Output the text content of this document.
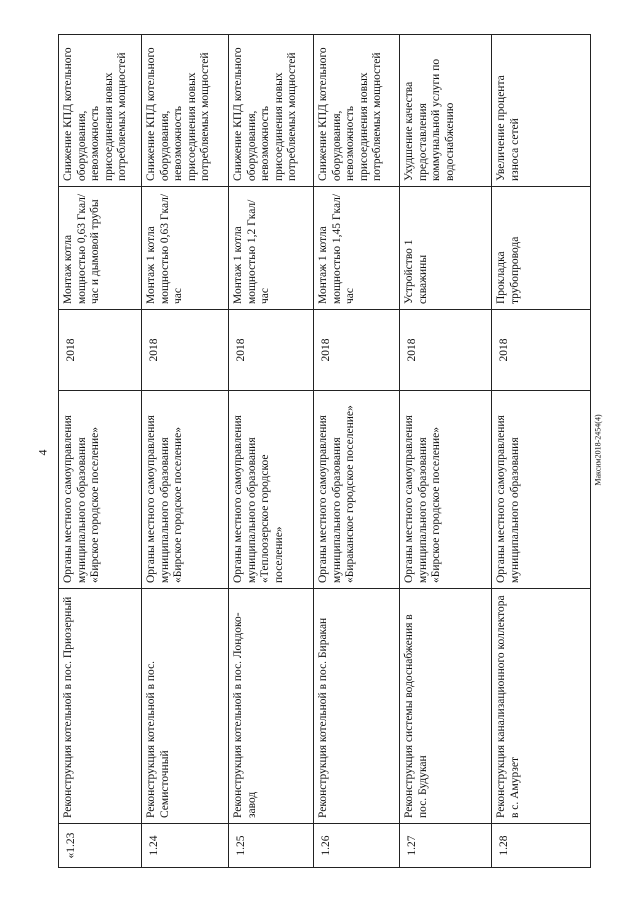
4
«1.23	Реконструкция котельной в пос. Приозерный	Органы местного самоуправления муниципального образования «Бирское городское поселение»	2018	Монтаж котла мощностью 0,63 Гкал/час и дымовой трубы	Снижение КПД котельного оборудования, невозможность присоединения новых потребляемых мощностей
1.24	Реконструкция котельной в пос. Семисточный	Органы местного самоуправления муниципального образования «Бирское городское поселение»	2018	Монтаж 1 котла мощностью 0,63 Гкал/час	Снижение КПД котельного оборудования, невозможность присоединения новых потребляемых мощностей
1.25	Реконструкция котельной в пос. Лондоко-завод	Органы местного самоуправления муниципального образования «Теплоозерское городское поселение»	2018	Монтаж 1 котла мощностью 1,2 Гкал/час	Снижение КПД котельного оборудования, невозможность присоединения новых потребляемых мощностей
1.26	Реконструкция котельной в пос. Биракан	Органы местного самоуправления муниципального образования «Бираканское городское поселение»	2018	Монтаж 1 котла мощностью 1,45 Гкал/час	Снижение КПД котельного оборудования, невозможность присоединения новых потребляемых мощностей
1.27	Реконструкция системы водоснабжения в пос. Будукан	Органы местного самоуправления муниципального образования «Бирское городское поселение»	2018	Устройство 1 скважины	Ухудшение качества предоставления коммунальной услуги по водоснабжению
1.28	Реконструкция канализационного коллектора в с. Амурзет	Органы местного самоуправления муниципального образования	2018	Прокладка трубопровода	Увеличение процента износа сетей
Максим2018-2454(4)
